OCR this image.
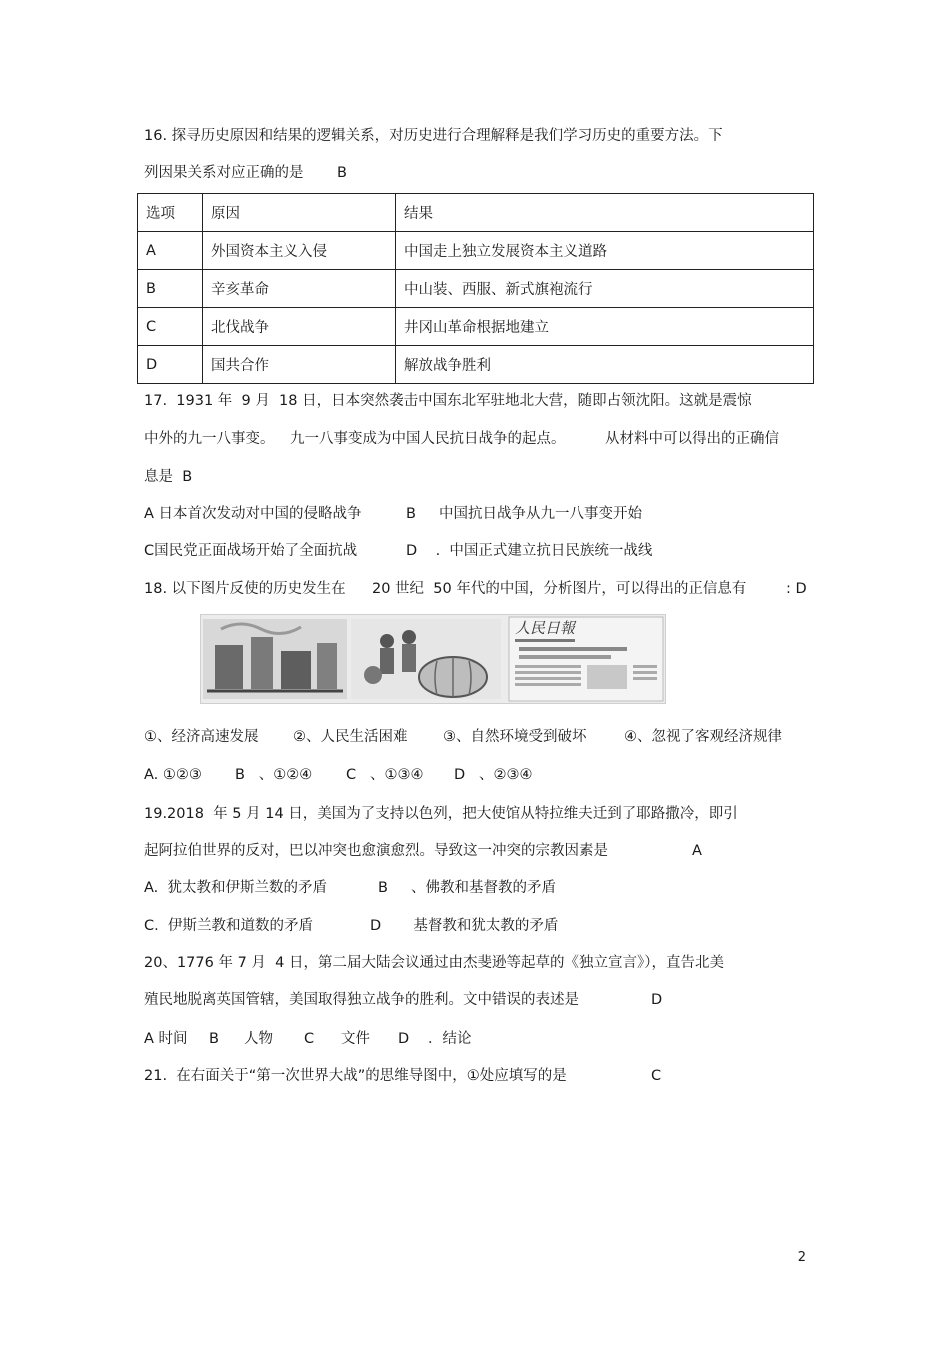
16. 探寻历史原因和结果的逻辑关系，对历史进行合理解释是我们学习历史的重要方法。下
列因果关系对应正确的是 B
选项	原因	结果
A	外国资本主义入侵	中国走上独立发展资本主义道路
B	辛亥革命	中山装、西服、新式旗袍流行
C	北伐战争	井冈山革命根据地建立
D	国共合作	解放战争胜利
17.  1931 年  9 月  18 日，日本突然袭击中国东北军驻地北大营，随即占领沈阳。这就是震惊
中外的九一八事变。 九一八事变成为中国人民抗日战争的起点。	从材料中可以得出的正确信
息是  B
A 日本首次发动对中国的侵略战争	B     中国抗日战争从九一八事变开始
C国民党正面战场开始了全面抗战	D    .  中国正式建立抗日民族统一战线
18. 以下图片反使的历史发生在 20 世纪  50 年代的中国，分析图片，可以得出的正信息有	: D
人民日報
①、经济高速发展 ②、人民生活困难 ③、自然环境受到破坏	④、忽视了客观经济规律
A. ①②③ B   、①②④ C   、①③④ D   、②③④
19.2018  年 5 月 14 日，美国为了支持以色列，把大使馆从特拉维夫迁到了耶路撒冷，即引
起阿拉伯世界的反对，巴以冲突也愈演愈烈。导致这一冲突的宗教因素是	A
A.  犹太教和伊斯兰数的矛盾	B     、佛教和基督教的矛盾
C.  伊斯兰教和道数的矛盾	D       基督教和犹太教的矛盾
20、1776 年 7 月  4 日，第二届大陆会议通过由杰斐逊等起草的《独立宣言》），直告北美
殖民地脱离英国管辖，美国取得独立战争的胜利。文中错误的表述是	D
A 时间 B 人物 C 文件 D ．结论
21.  在右面关于“第一次世界大战”的思维导图中，①处应填写的是	C
2
